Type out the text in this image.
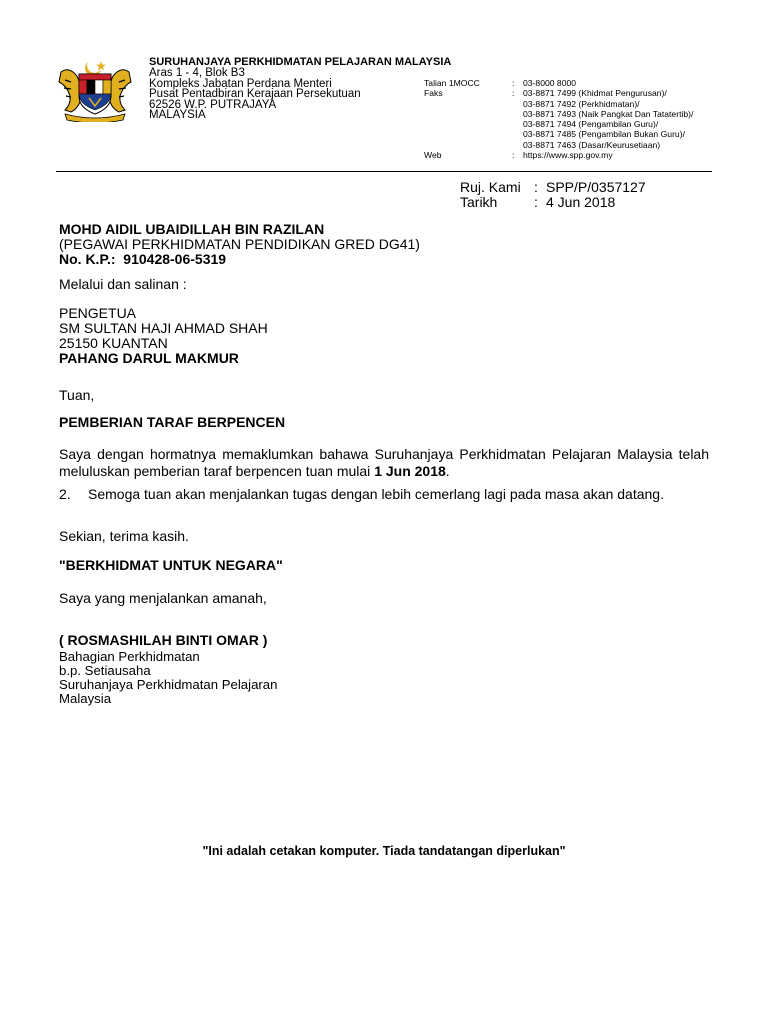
SURUHANJAYA PERKHIDMATAN PELAJARAN MALAYSIA
Aras 1 - 4, Blok B3
Kompleks Jabatan Perdana Menteri
Pusat Pentadbiran Kerajaan Persekutuan
62526 W.P. PUTRAJAYA
MALAYSIA
Talian 1MOCC	:	03-8000 8000
Faks	:	03-8871 7499 (Khidmat Pengurusan)/
03-8871 7492 (Perkhidmatan)/
03-8871 7493 (Naik Pangkat Dan Tatatertib)/
03-8871 7494 (Pengambilan Guru)/
03-8871 7485 (Pengambilan Bukan Guru)/
03-8871 7463 (Dasar/Keurusetiaan)
Web	:	https://www.spp.gov.my
Ruj. Kami : SPP/P/0357127
Tarikh	: 4 Jun 2018
MOHD AIDIL UBAIDILLAH BIN RAZILAN
(PEGAWAI PERKHIDMATAN PENDIDIKAN GRED DG41)
No. K.P.:  910428-06-5319
Melalui dan salinan :
PENGETUA
SM SULTAN HAJI AHMAD SHAH
25150 KUANTAN
PAHANG DARUL MAKMUR
Tuan,
PEMBERIAN TARAF BERPENCEN
Saya dengan hormatnya memaklumkan bahawa Suruhanjaya Perkhidmatan Pelajaran Malaysia telah meluluskan pemberian taraf berpencen tuan mulai 1 Jun 2018.
2. Semoga tuan akan menjalankan tugas dengan lebih cemerlang lagi pada masa akan datang.
Sekian, terima kasih.
"BERKHIDMAT UNTUK NEGARA"
Saya yang menjalankan amanah,
( ROSMASHILAH BINTI OMAR )
Bahagian Perkhidmatan
b.p. Setiausaha
Suruhanjaya Perkhidmatan Pelajaran
Malaysia
"Ini adalah cetakan komputer. Tiada tandatangan diperlukan"
